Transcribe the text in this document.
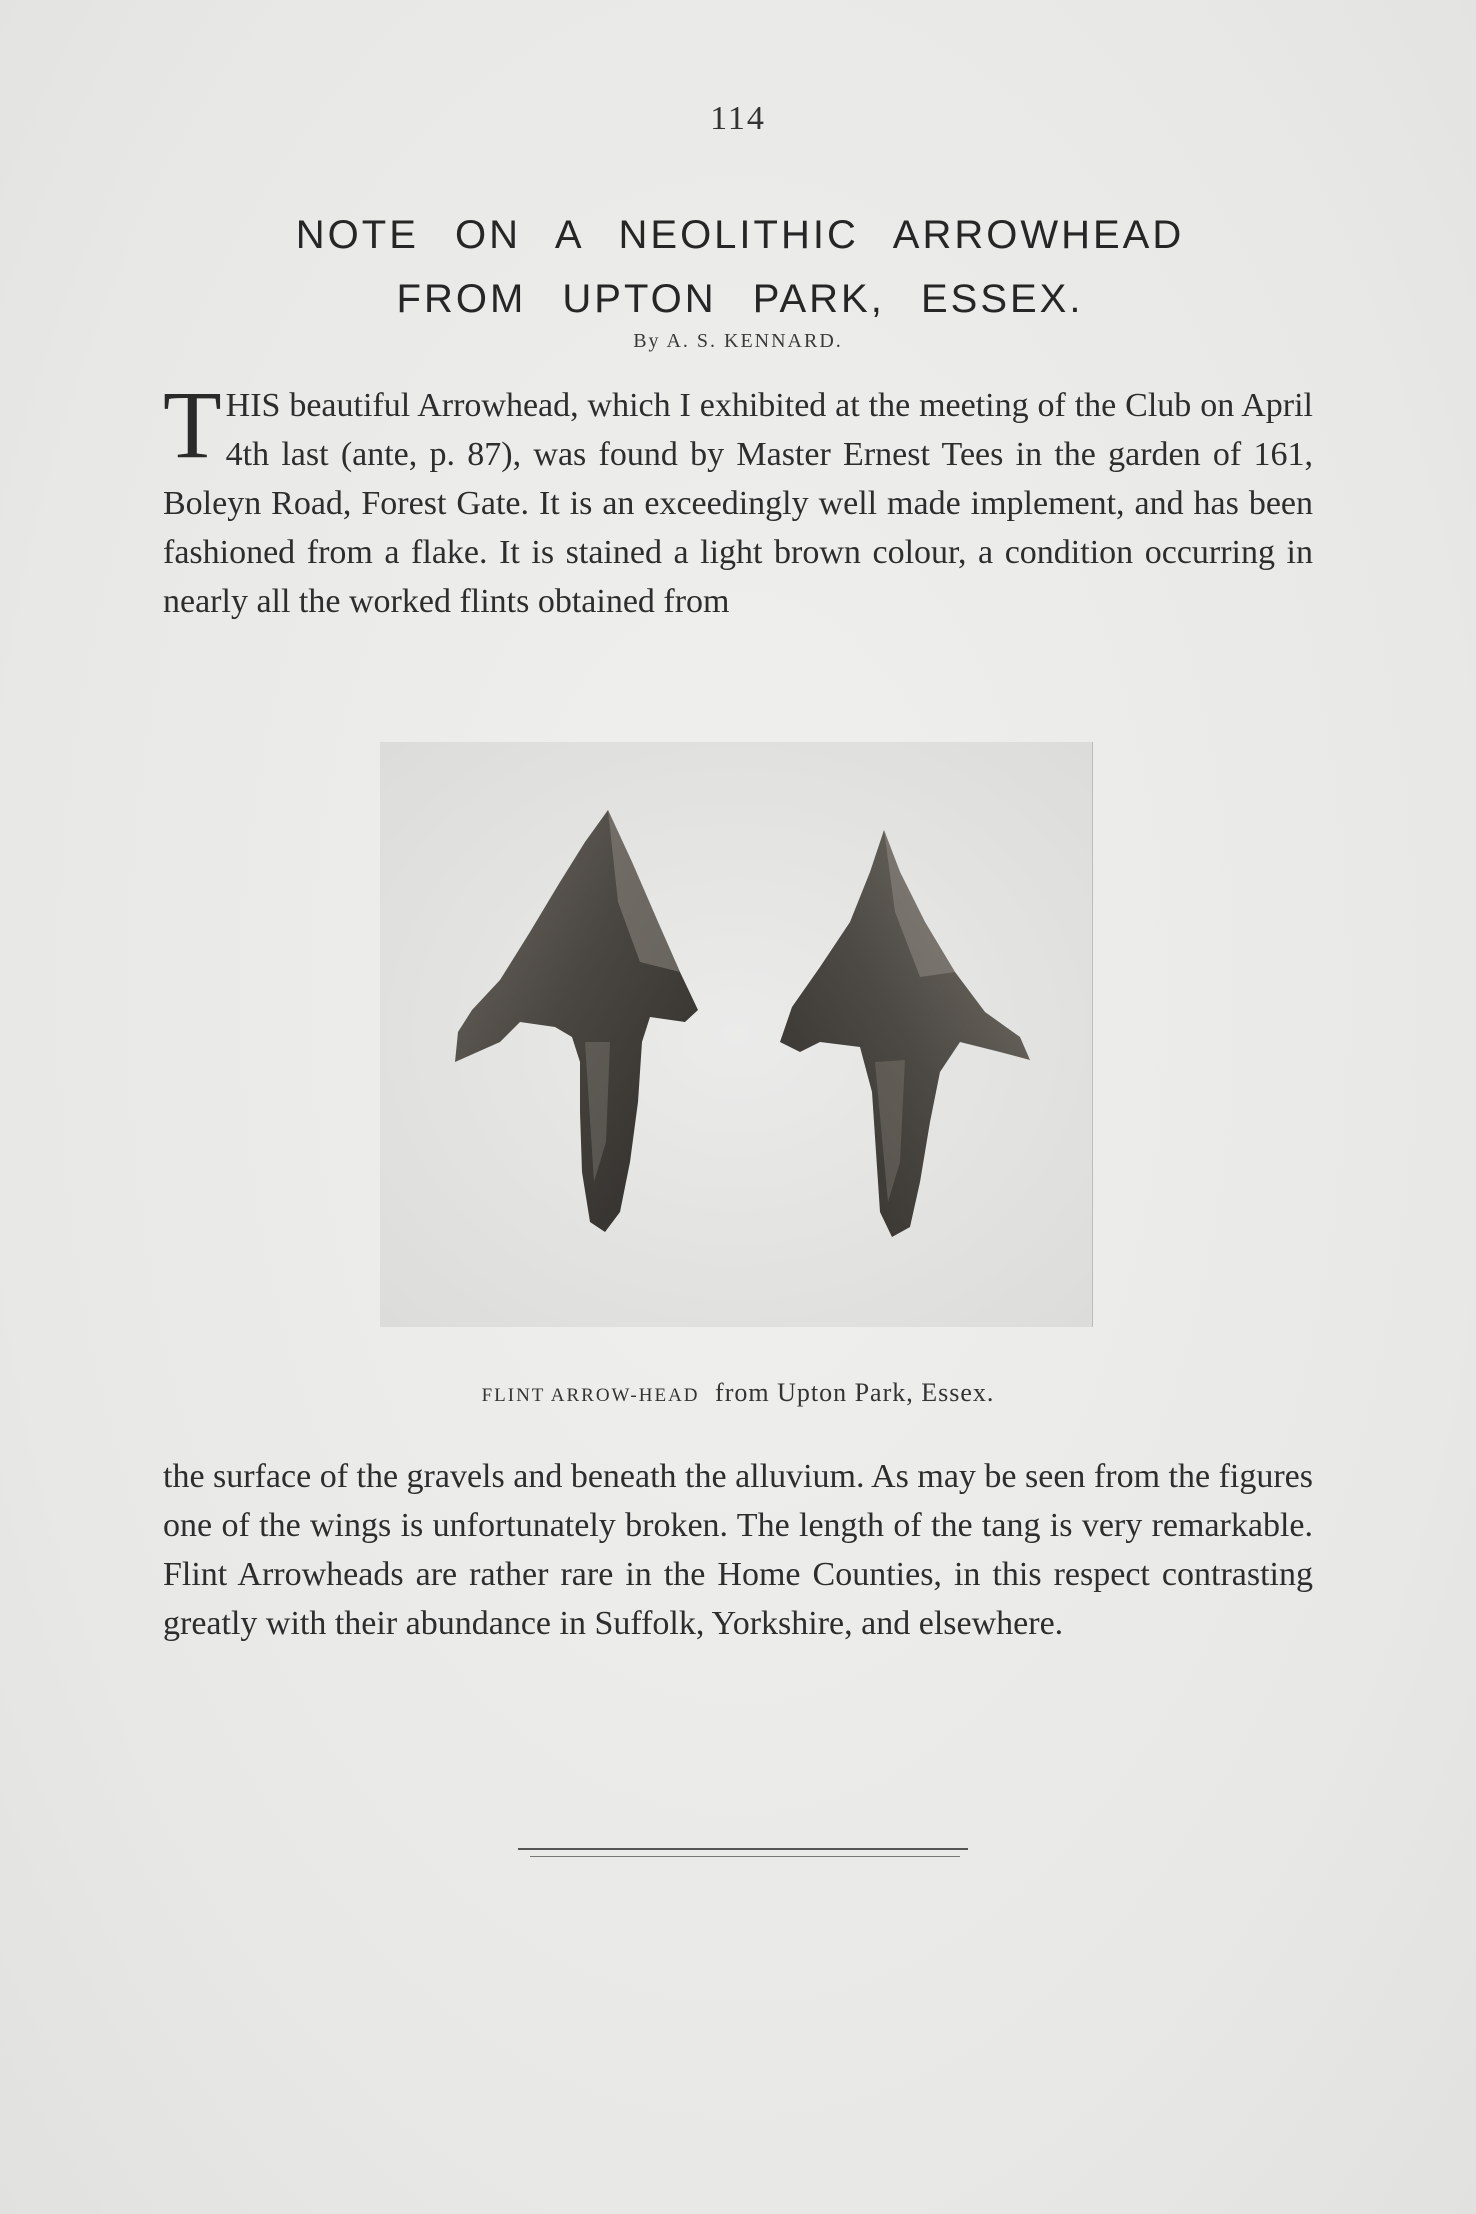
114
NOTE ON A NEOLITHIC ARROWHEAD
FROM UPTON PARK, ESSEX.
By A. S. KENNARD.
T HIS beautiful Arrowhead, which I exhibited at the meeting of the Club on April 4th last (ante, p. 87), was found by Master Ernest Tees in the garden of 161, Boleyn Road, Forest Gate. It is an exceedingly well made implement, and has been fashioned from a flake. It is stained a light brown colour, a condition occurring in nearly all the worked flints obtained from
FLINT ARROW-HEAD from Upton Park, Essex.
the surface of the gravels and beneath the alluvium. As may be seen from the figures one of the wings is unfortunately broken. The length of the tang is very remarkable. Flint Arrowheads are rather rare in the Home Counties, in this respect contrasting greatly with their abundance in Suffolk, Yorkshire, and elsewhere.
